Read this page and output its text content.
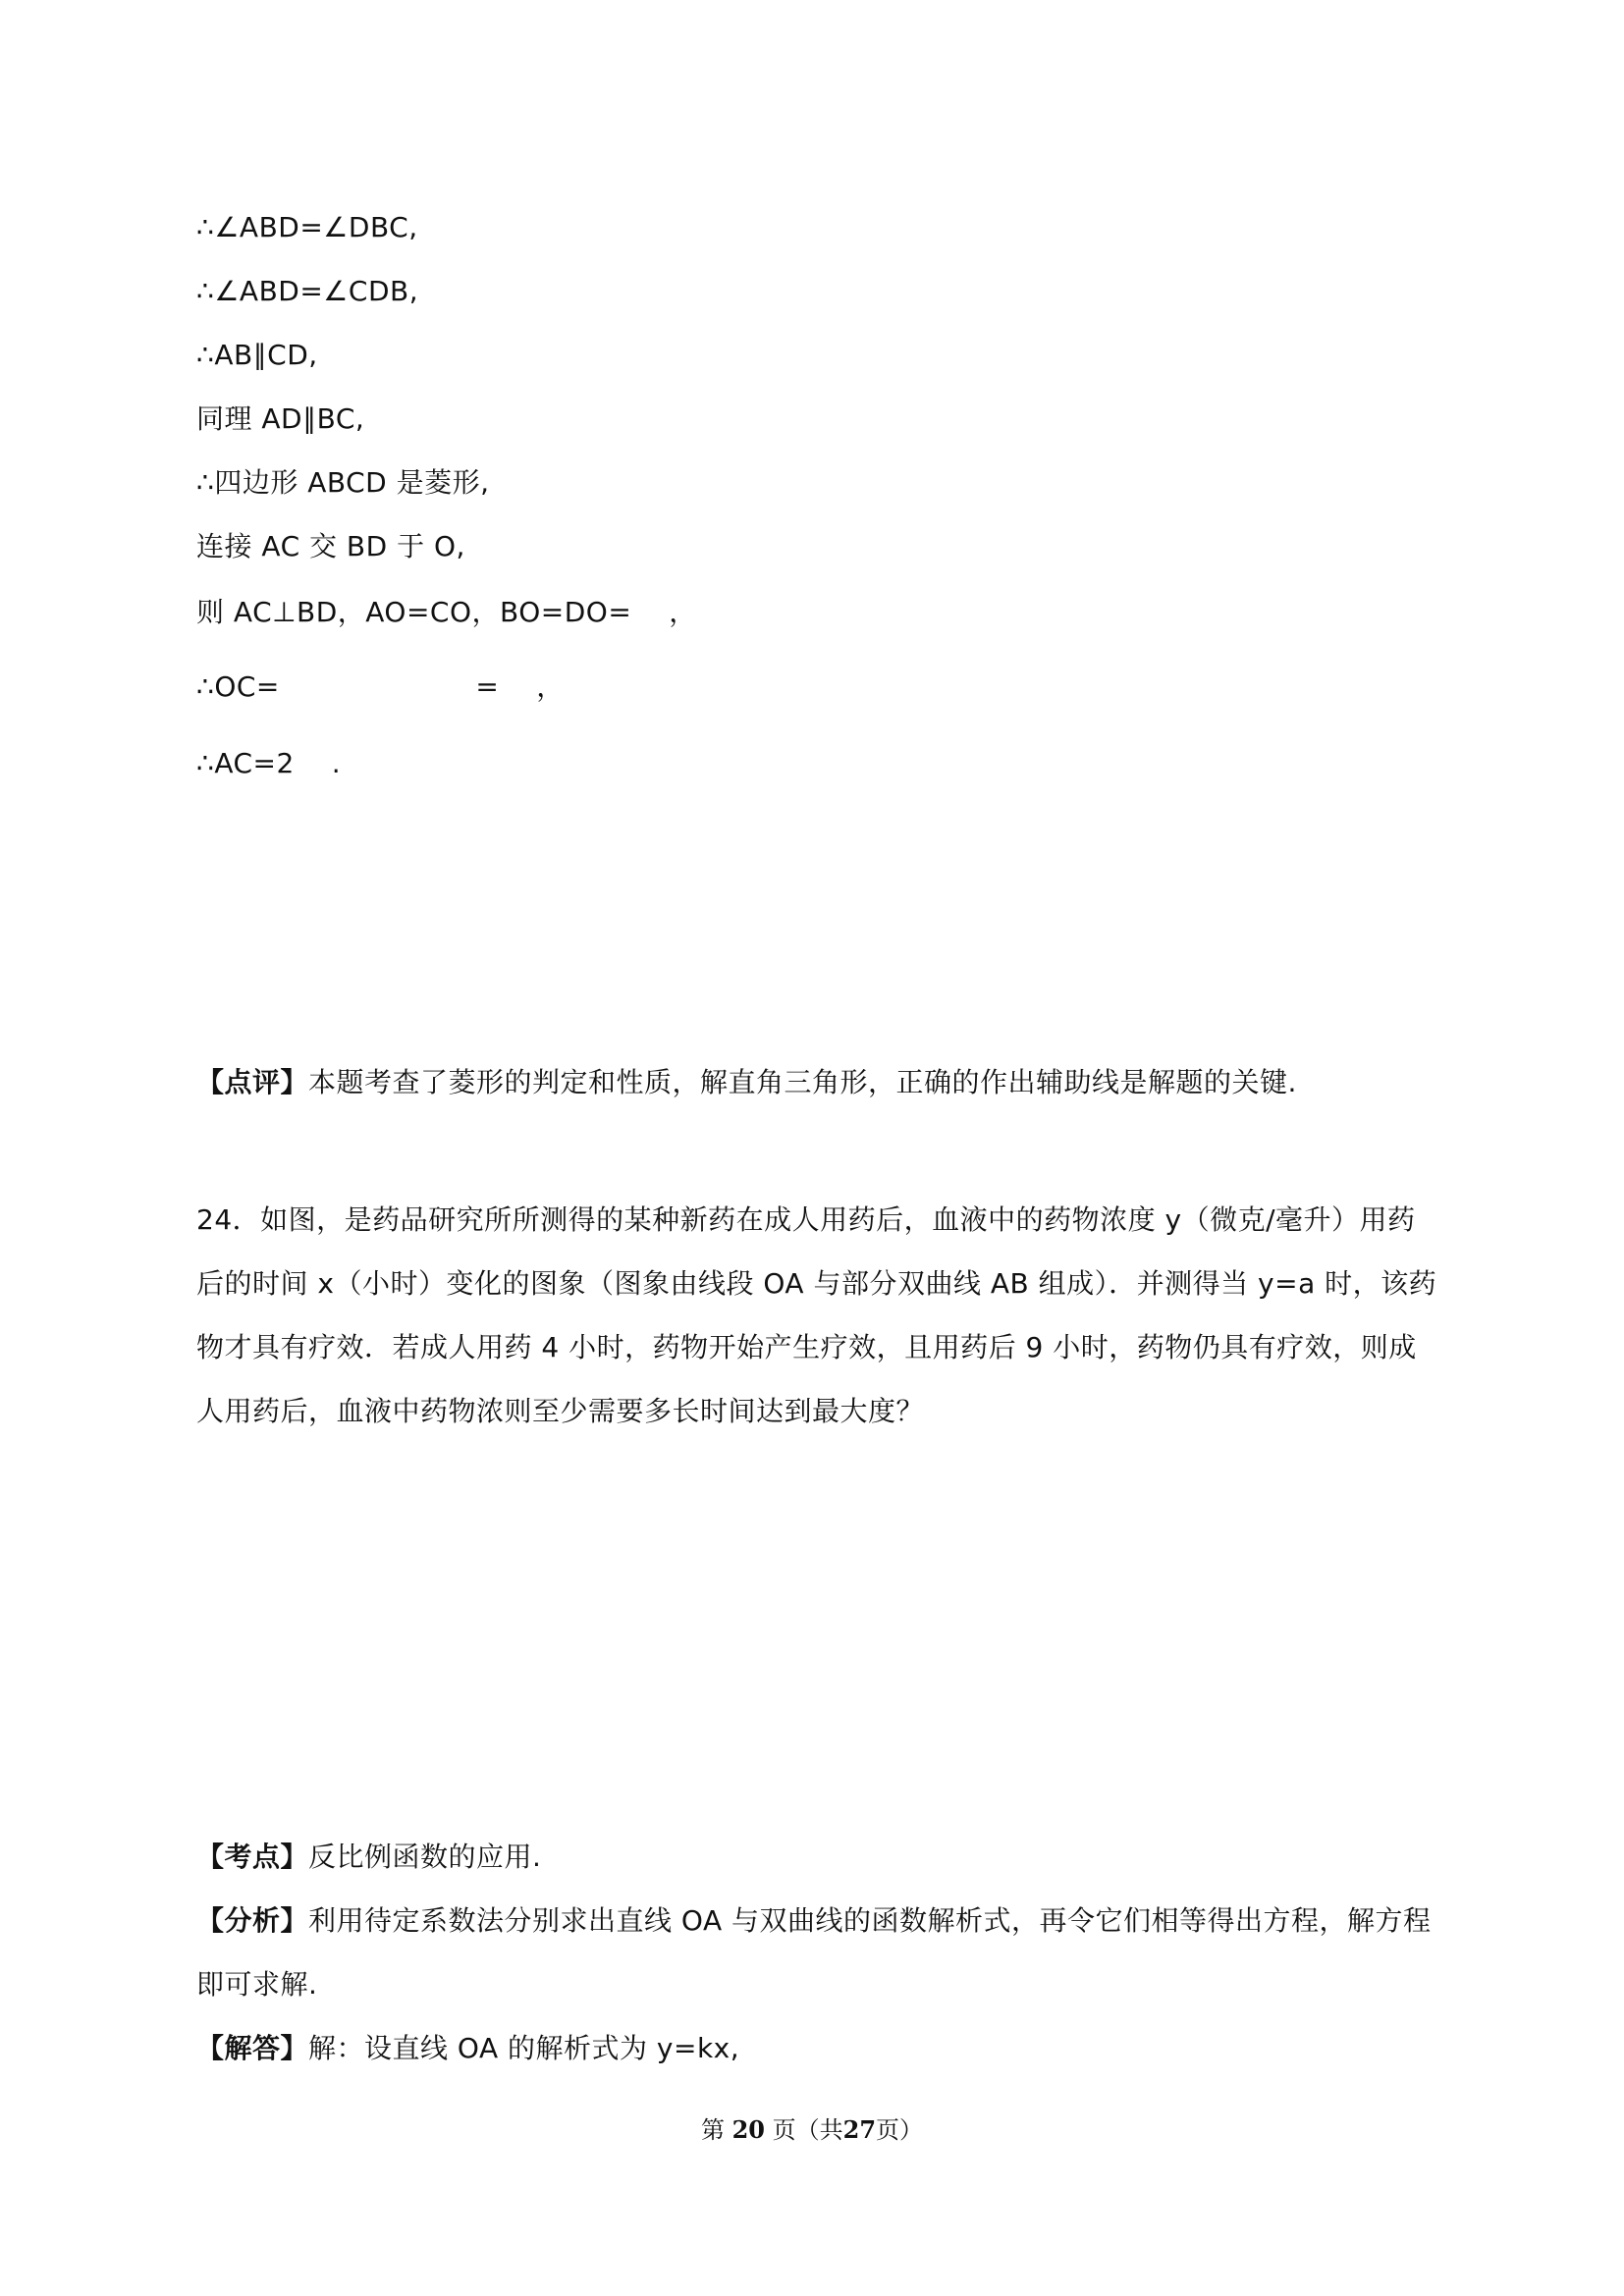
∴∠ABD=∠DBC,
∴∠ABD=∠CDB,
∴AB∥CD,
同理 AD∥BC,
∴四边形 ABCD 是菱形,
连接 AC 交 BD 于 O,
则 AC⊥BD，AO=CO，BO=DO=　 ，
∴OC=　　　　　　　=　 ，
∴AC=2　 .
【点评】本题考查了菱形的判定和性质，解直角三角形，正确的作出辅助线是解题的关键.

24．如图，是药品研究所所测得的某种新药在成人用药后，血液中的药物浓度 y（微克/毫升）用药

后的时间 x（小时）变化的图象（图象由线段 OA 与部分双曲线 AB 组成）．并测得当 y=a 时，该药

物才具有疗效．若成人用药 4 小时，药物开始产生疗效，且用药后 9 小时，药物仍具有疗效，则成

人用药后，血液中药物浓则至少需要多长时间达到最大度？

【考点】反比例函数的应用.
【分析】利用待定系数法分别求出直线 OA 与双曲线的函数解析式，再令它们相等得出方程，解方程
即可求解.
【解答】解：设直线 OA 的解析式为 y=kx,
第 20 页（共27页）
